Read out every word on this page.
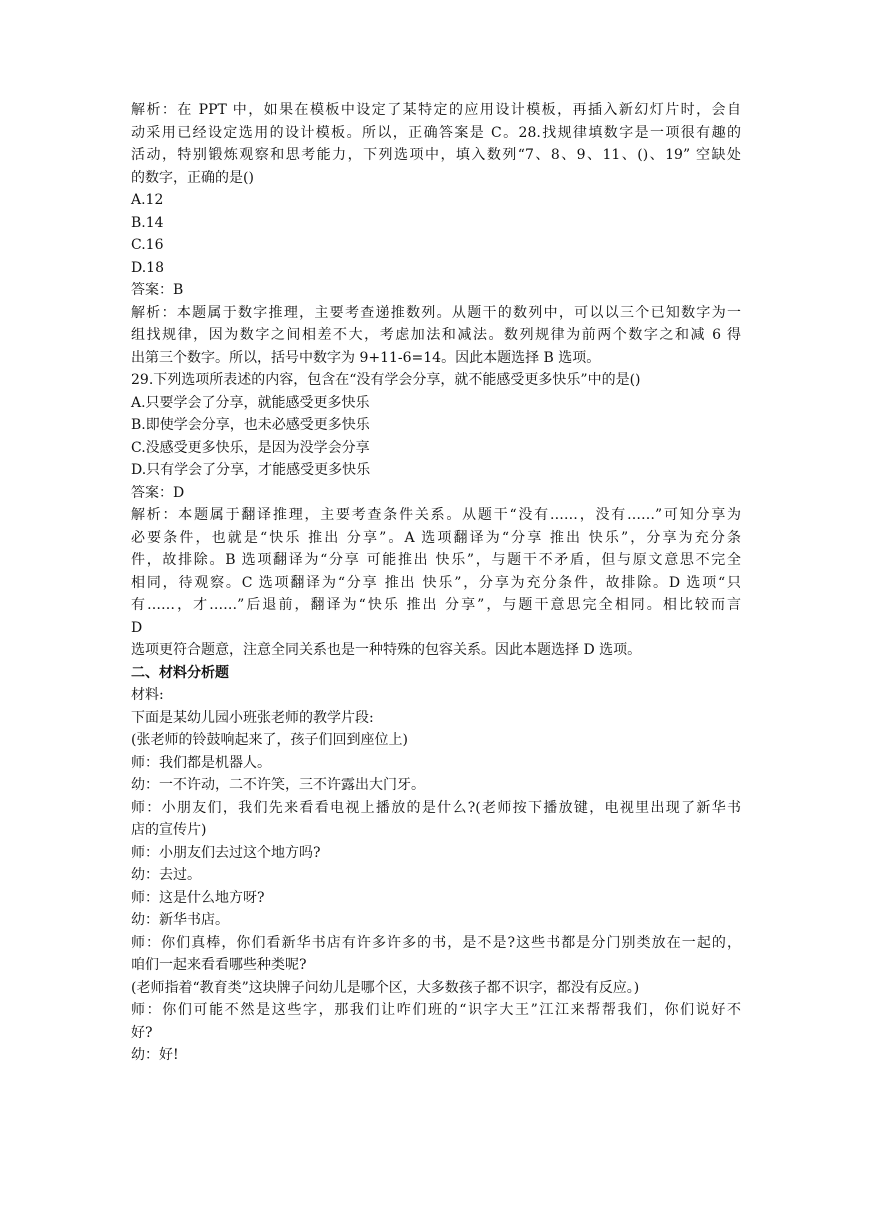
解析：在 PPT 中，如果在模板中设定了某特定的应用设计模板，再插入新幻灯片时，会自
动采用已经设定选用的设计模板。所以，正确答案是 C。28.找规律填数字是一项很有趣的
活动，特别锻炼观察和思考能力，下列选项中，填入数列“7、8、9、11、()、19” 空缺处
的数字，正确的是()
A.12
B.14
C.16
D.18
答案：B
解析：本题属于数字推理，主要考查递推数列。从题干的数列中，可以以三个已知数字为一
组找规律，因为数字之间相差不大，考虑加法和减法。数列规律为前两个数字之和减 6 得
出第三个数字。所以，括号中数字为 9+11-6=14。因此本题选择 B 选项。
29.下列选项所表述的内容，包含在“没有学会分享，就不能感受更多快乐”中的是()
A.只要学会了分享，就能感受更多快乐
B.即使学会分享，也未必感受更多快乐
C.没感受更多快乐，是因为没学会分享
D.只有学会了分享，才能感受更多快乐
答案：D
解析：本题属于翻译推理，主要考查条件关系。从题干“没有……，没有……”可知分享为
必要条件，也就是“快乐 推出 分享”。A 选项翻译为“分享 推出 快乐”，分享为充分条
件，故排除。B 选项翻译为“分享 可能推出 快乐”，与题干不矛盾，但与原文意思不完全
相同，待观察。C 选项翻译为“分享 推出 快乐”，分享为充分条件，故排除。D 选项“只
有……，才……”后退前，翻译为“快乐 推出 分享”，与题干意思完全相同。相比较而言
D
选项更符合题意，注意全同关系也是一种特殊的包容关系。因此本题选择 D 选项。
二、材料分析题
材料:
下面是某幼儿园小班张老师的教学片段:
(张老师的铃鼓响起来了，孩子们回到座位上)
师：我们都是机器人。
幼：一不许动，二不许笑，三不许露出大门牙。
师：小朋友们，我们先来看看电视上播放的是什么?(老师按下播放键，电视里出现了新华书
店的宣传片)
师：小朋友们去过这个地方吗?
幼：去过。
师：这是什么地方呀?
幼：新华书店。
师：你们真棒，你们看新华书店有许多许多的书，是不是?这些书都是分门别类放在一起的，
咱们一起来看看哪些种类呢?
(老师指着“教育类”这块牌子问幼儿是哪个区，大多数孩子都不识字，都没有反应。)
师：你们可能不然是这些字，那我们让咋们班的“识字大王”江江来帮帮我们，你们说好不
好?
幼：好!
